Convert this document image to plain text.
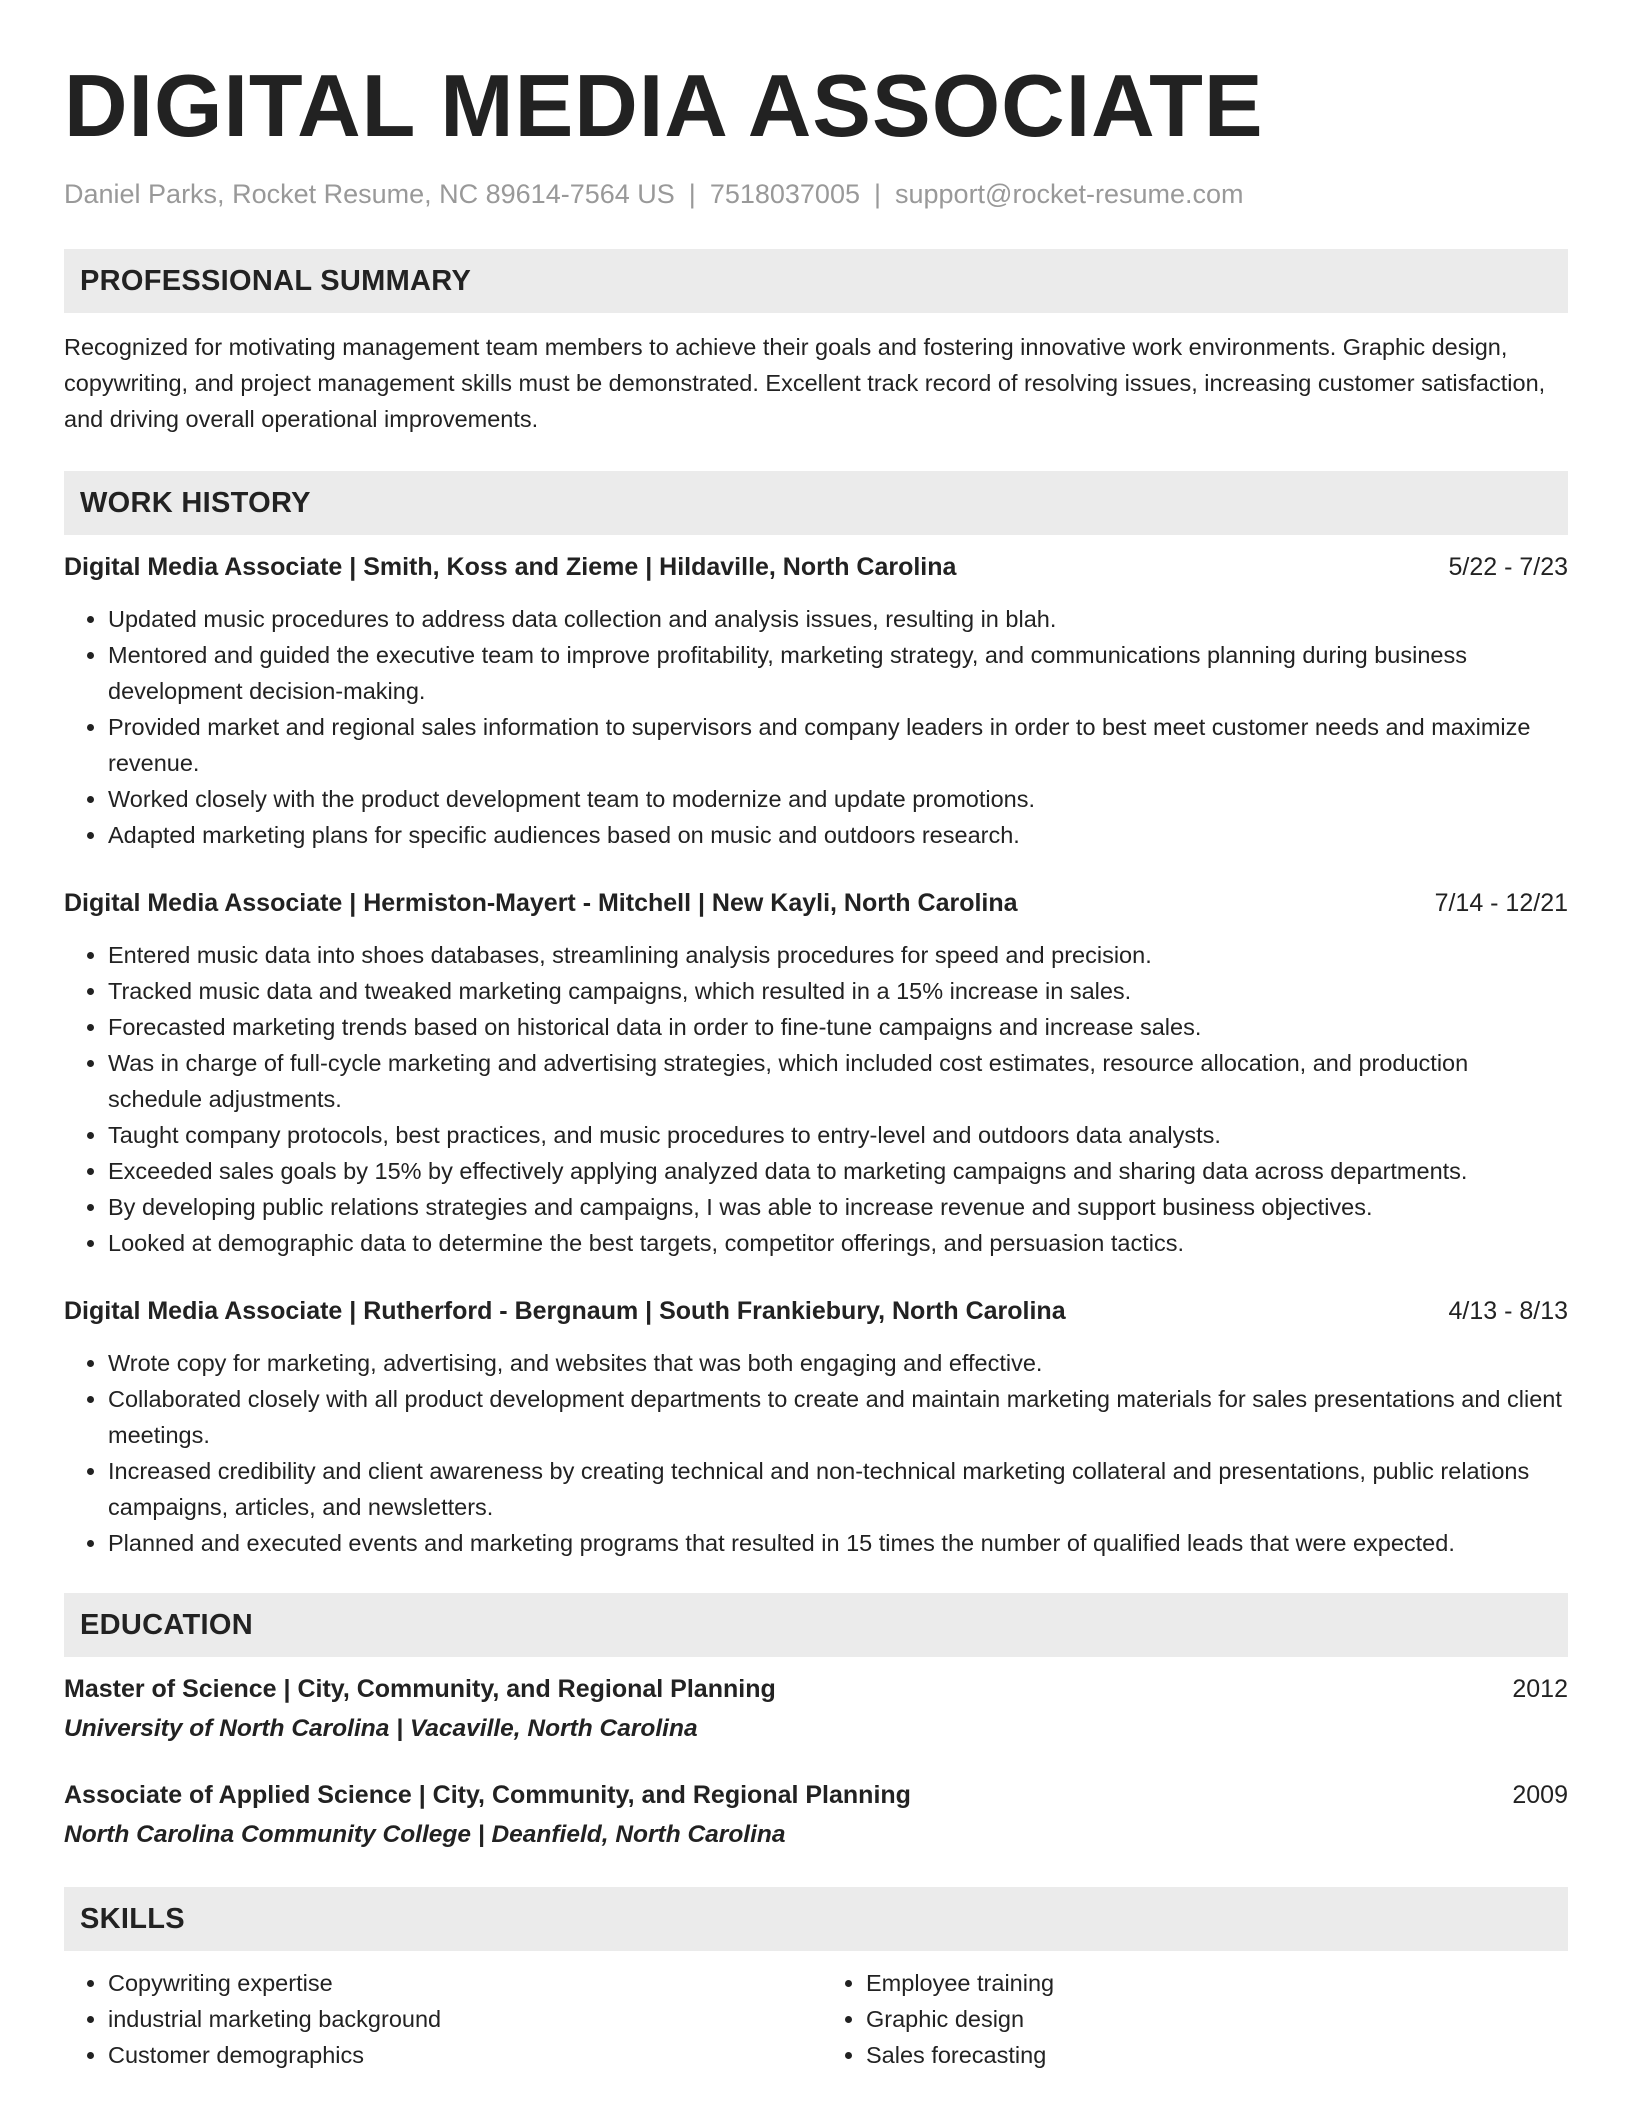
DIGITAL MEDIA ASSOCIATE
Daniel Parks, Rocket Resume, NC 89614-7564 US | 7518037005 | support@rocket-resume.com
PROFESSIONAL SUMMARY

Recognized for motivating management team members to achieve their goals and fostering innovative work environments. Graphic design, copywriting, and project management skills must be demonstrated. Excellent track record of resolving issues, increasing customer satisfaction, and driving overall operational improvements.

WORK HISTORY
Digital Media Associate | Smith, Koss and Zieme | Hildaville, North Carolina	5/22 - 7/23
• Updated music procedures to address data collection and analysis issues, resulting in blah.
• Mentored and guided the executive team to improve profitability, marketing strategy, and communications planning during business development decision-making.
• Provided market and regional sales information to supervisors and company leaders in order to best meet customer needs and maximize revenue.
• Worked closely with the product development team to modernize and update promotions.
• Adapted marketing plans for specific audiences based on music and outdoors research.
Digital Media Associate | Hermiston-Mayert - Mitchell | New Kayli, North Carolina	7/14 - 12/21
• Entered music data into shoes databases, streamlining analysis procedures for speed and precision.
• Tracked music data and tweaked marketing campaigns, which resulted in a 15% increase in sales.
• Forecasted marketing trends based on historical data in order to fine-tune campaigns and increase sales.
• Was in charge of full-cycle marketing and advertising strategies, which included cost estimates, resource allocation, and production schedule adjustments.
• Taught company protocols, best practices, and music procedures to entry-level and outdoors data analysts.
• Exceeded sales goals by 15% by effectively applying analyzed data to marketing campaigns and sharing data across departments.
• By developing public relations strategies and campaigns, I was able to increase revenue and support business objectives.
• Looked at demographic data to determine the best targets, competitor offerings, and persuasion tactics.
Digital Media Associate | Rutherford - Bergnaum | South Frankiebury, North Carolina	4/13 - 8/13
• Wrote copy for marketing, advertising, and websites that was both engaging and effective.
• Collaborated closely with all product development departments to create and maintain marketing materials for sales presentations and client meetings.
• Increased credibility and client awareness by creating technical and non-technical marketing collateral and presentations, public relations campaigns, articles, and newsletters.
• Planned and executed events and marketing programs that resulted in 15 times the number of qualified leads that were expected.
EDUCATION
Master of Science | City, Community, and Regional Planning	2012
University of North Carolina | Vacaville, North Carolina
Associate of Applied Science | City, Community, and Regional Planning	2009
North Carolina Community College | Deanfield, North Carolina
SKILLS
• Copywriting expertise
• industrial marketing background
• Customer demographics
• Employee training
• Graphic design
• Sales forecasting
